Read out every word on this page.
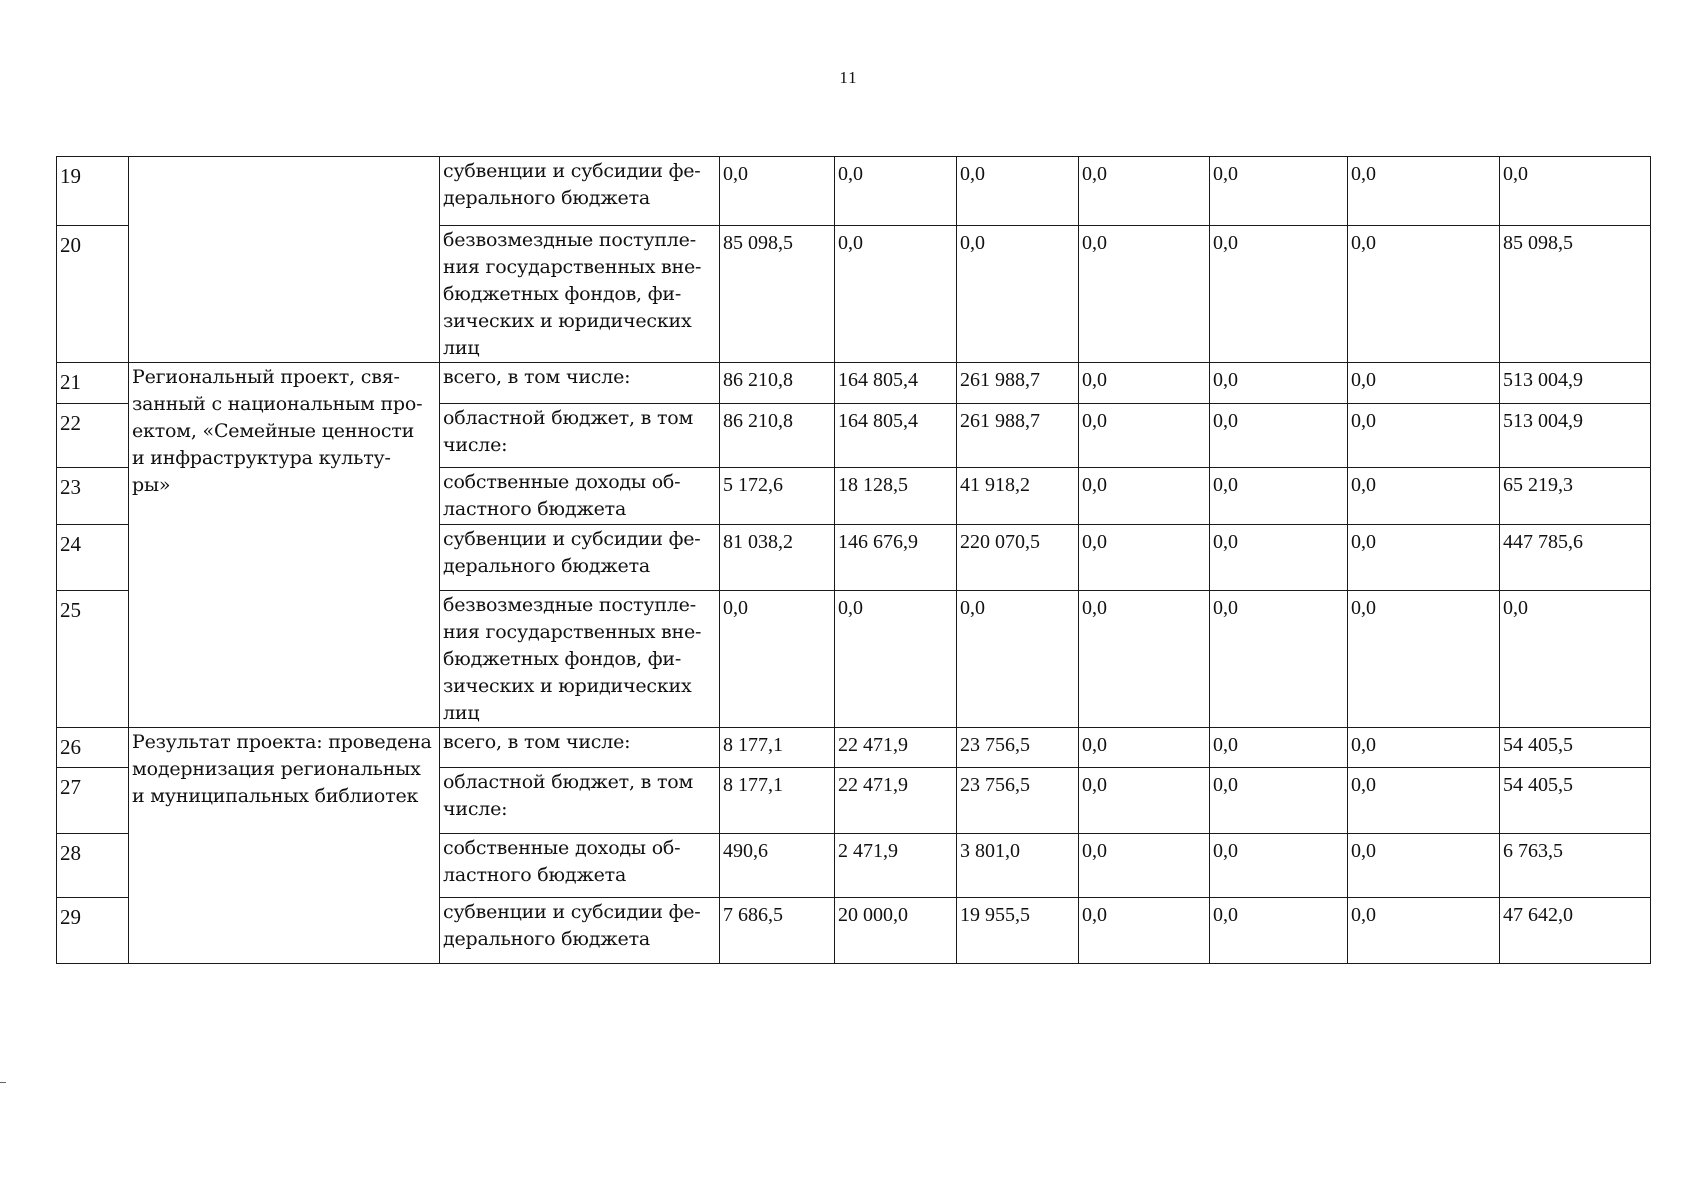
11
19		субвенции и субсидии фе-
дерального бюджета	0,0	0,0	0,0	0,0	0,0	0,0	0,0
20		безвозмездные поступле-
ния государственных вне-
бюджетных фондов, фи-
зических и юридических
лиц	85 098,5	0,0	0,0	0,0	0,0	0,0	85 098,5
21	Региональный проект, свя-
занный с национальным про-
ектом, «Семейные ценности
и инфраструктура культу-
ры»	всего, в том числе:	86 210,8	164 805,4	261 988,7	0,0	0,0	0,0	513 004,9
22		областной бюджет, в том
числе:	86 210,8	164 805,4	261 988,7	0,0	0,0	0,0	513 004,9
23		собственные доходы об-
ластного бюджета	5 172,6	18 128,5	41 918,2	0,0	0,0	0,0	65 219,3
24		субвенции и субсидии фе-
дерального бюджета	81 038,2	146 676,9	220 070,5	0,0	0,0	0,0	447 785,6
25		безвозмездные поступле-
ния государственных вне-
бюджетных фондов, фи-
зических и юридических
лиц	0,0	0,0	0,0	0,0	0,0	0,0	0,0
26	Результат проекта: проведена
модернизация региональных
и муниципальных библиотек	всего, в том числе:	8 177,1	22 471,9	23 756,5	0,0	0,0	0,0	54 405,5
27		областной бюджет, в том
числе:	8 177,1	22 471,9	23 756,5	0,0	0,0	0,0	54 405,5
28		собственные доходы об-
ластного бюджета	490,6	2 471,9	3 801,0	0,0	0,0	0,0	6 763,5
29		субвенции и субсидии фе-
дерального бюджета	7 686,5	20 000,0	19 955,5	0,0	0,0	0,0	47 642,0
